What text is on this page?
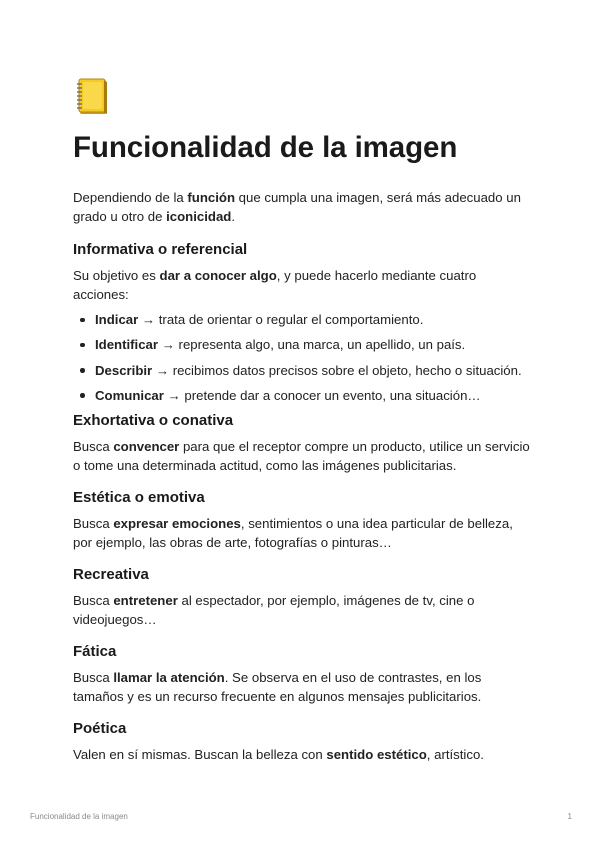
Funcionalidad de la imagen

Dependiendo de la función que cumpla una imagen, será más adecuado un grado u otro de iconicidad.

Informativa o referencial

Su objetivo es dar a conocer algo, y puede hacerlo mediante cuatro acciones:

Indicar → trata de orientar o regular el comportamiento.
Identificar → representa algo, una marca, un apellido, un país.
Describir → recibimos datos precisos sobre el objeto, hecho o situación.
Comunicar → pretende dar a conocer un evento, una situación…
Exhortativa o conativa

Busca convencer para que el receptor compre un producto, utilice un servicio o tome una determinada actitud, como las imágenes publicitarias.

Estética o emotiva

Busca expresar emociones, sentimientos o una idea particular de belleza, por ejemplo, las obras de arte, fotografías o pinturas…

Recreativa

Busca entretener al espectador, por ejemplo, imágenes de tv, cine o videojuegos…

Fática

Busca llamar la atención. Se observa en el uso de contrastes, en los tamaños y es un recurso frecuente en algunos mensajes publicitarios.

Poética

Valen en sí mismas. Buscan la belleza con sentido estético, artístico.

Funcionalidad de la imagen	1
